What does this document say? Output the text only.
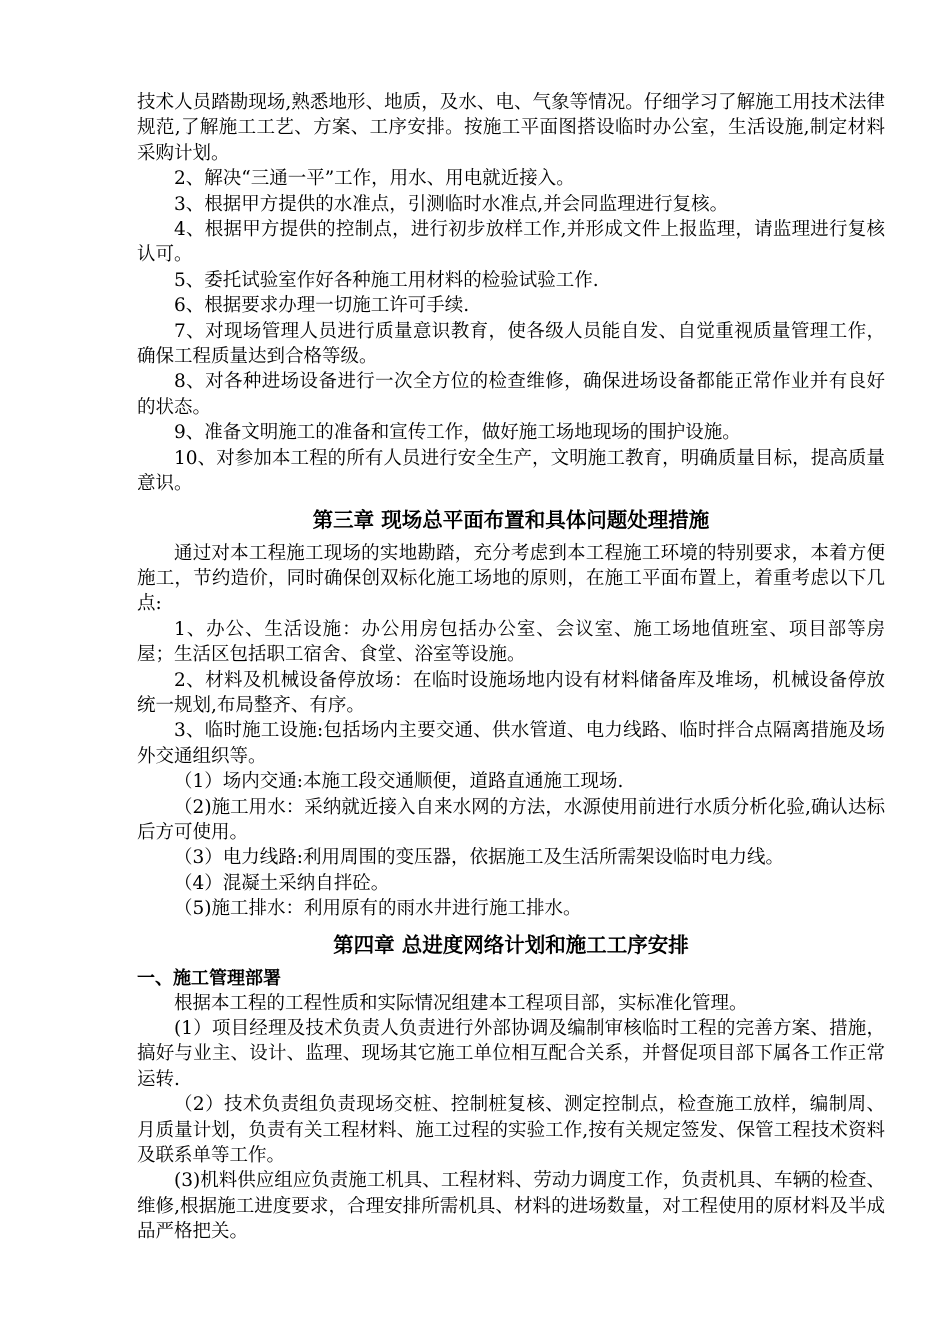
技术人员踏勘现场,熟悉地形、地质，及水、电、气象等情况。仔细学习了解施工用技术法律规范,了解施工工艺、方案、工序安排。按施工平面图搭设临时办公室，生活设施,制定材料采购计划。

2、解决“三通一平”工作，用水、用电就近接入。

3、根据甲方提供的水准点，引测临时水准点,并会同监理进行复核。

4、根据甲方提供的控制点，进行初步放样工作,并形成文件上报监理，请监理进行复核认可。

5、委托试验室作好各种施工用材料的检验试验工作.

6、根据要求办理一切施工许可手续.

7、对现场管理人员进行质量意识教育，使各级人员能自发、自觉重视质量管理工作，确保工程质量达到合格等级。

8、对各种进场设备进行一次全方位的检查维修，确保进场设备都能正常作业并有良好的状态。

9、准备文明施工的准备和宣传工作，做好施工场地现场的围护设施。

10、对参加本工程的所有人员进行安全生产，文明施工教育，明确质量目标，提高质量意识。

第三章 现场总平面布置和具体问题处理措施

通过对本工程施工现场的实地勘踏，充分考虑到本工程施工环境的特别要求，本着方便施工，节约造价，同时确保创双标化施工场地的原则，在施工平面布置上，着重考虑以下几点:

1、办公、生活设施：办公用房包括办公室、会议室、施工场地值班室、项目部等房屋；生活区包括职工宿舍、食堂、浴室等设施。

2、材料及机械设备停放场：在临时设施场地内设有材料储备库及堆场，机械设备停放统一规划,布局整齐、有序。

3、临时施工设施:包括场内主要交通、供水管道、电力线路、临时拌合点隔离措施及场外交通组织等。

（1）场内交通:本施工段交通顺便，道路直通施工现场.

（2)施工用水：采纳就近接入自来水网的方法，水源使用前进行水质分析化验,确认达标后方可使用。

（3）电力线路:利用周围的变压器，依据施工及生活所需架设临时电力线。

（4）混凝土采纳自拌砼。

（5)施工排水：利用原有的雨水井进行施工排水。

第四章 总进度网络计划和施工工序安排
一、施工管理部署

根据本工程的工程性质和实际情况组建本工程项目部，实标准化管理。

(1）项目经理及技术负责人负责进行外部协调及编制审核临时工程的完善方案、措施，搞好与业主、设计、监理、现场其它施工单位相互配合关系，并督促项目部下属各工作正常运转.

（2）技术负责组负责现场交桩、控制桩复核、测定控制点，检查施工放样，编制周、月质量计划，负责有关工程材料、施工过程的实验工作,按有关规定签发、保管工程技术资料及联系单等工作。

(3)机料供应组应负责施工机具、工程材料、劳动力调度工作，负责机具、车辆的检查、维修,根据施工进度要求，合理安排所需机具、材料的进场数量，对工程使用的原材料及半成品严格把关。
